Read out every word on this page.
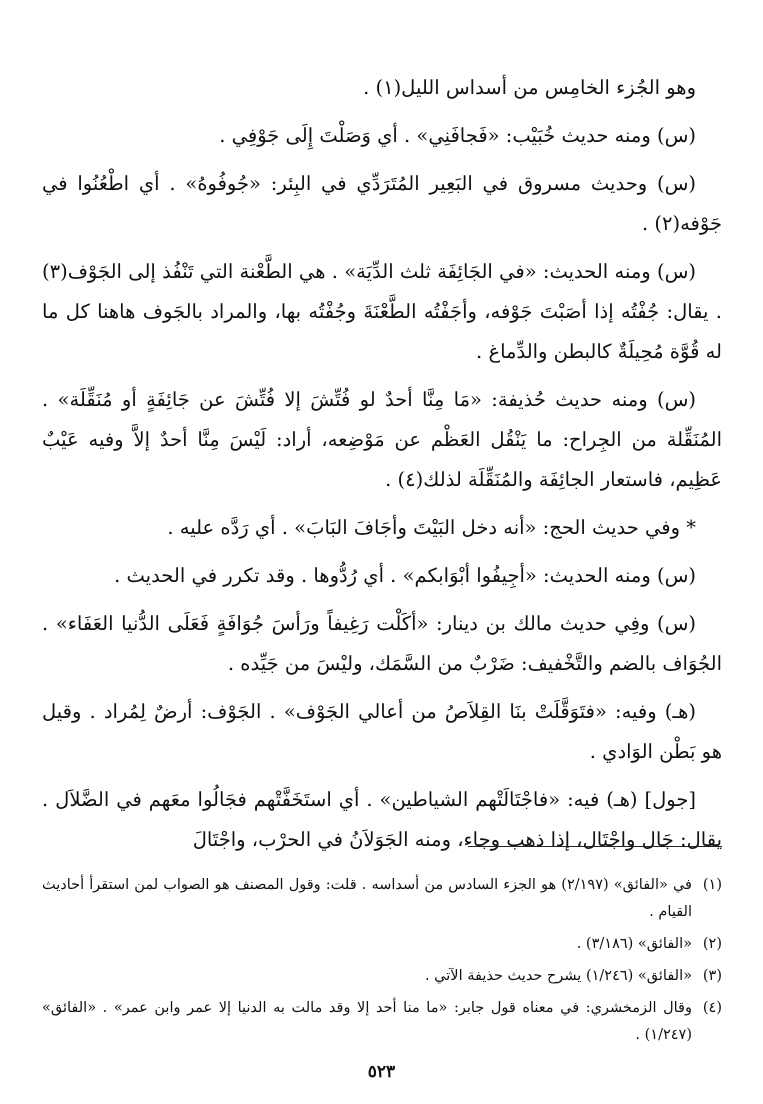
وهو الجُزء الخامِس من أسداس الليل(١) .

(س) ومنه حديث خُبَيْب: «فَجافَنِي» . أي وَصَلْتَ إِلَى جَوْفِي .

(س) وحديث مسروق في البَعِير المُتَرَدِّي في البِئر: «جُوفُوهُ» . أي اطْعُنُوا في جَوْفه(٢) .

(س) ومنه الحديث: «في الجَائِفَة ثلث الدِّيَة» . هي الطَّعْنة التي تَنْفُذ إلى الجَوْف(٣) . يقال: جُفْتُه إذا أصَبْتَ جَوْفه، وأجَفْتُه الطَّعْنَةَ وجُفْتُه بها، والمراد بالجَوف هاهنا كل ما له قُوَّة مُحِيلَةٌ كالبطن والدِّماغ .

(س) ومنه حديث حُذيفة: «مَا مِنَّا أحدٌ لو فُتِّشَ إلا فُتِّشَ عن جَائِفَةٍ أو مُنَقِّلَة» . المُنَقِّلة من الجِراح: ما يَنْقُل العَظْم عن مَوْضِعه، أراد: لَيْسَ مِنَّا أحدٌ إلاَّ وفيه عَيْبٌ عَظِيم، فاستعار الجائِفَة والمُنَقِّلَة لذلك(٤) .

* وفي حديث الحج: «أنه دخل البَيْتَ وأجَافَ البَابَ» . أي رَدَّه عليه .

(س) ومنه الحديث: «أجِيفُوا أبْوَابكم» . أي رُدُّوها . وقد تكرر في الحديث .

(س) وفِي حديث مالك بن دينار: «أكَلْت رَغِيفاً ورَأسَ جُوَافَةٍ فَعَلَى الدُّنيا العَفَاء» . الجُوَاف بالضم والتَّخْفيف: ضَرْبٌ من السَّمَك، وليْسَ من جَيِّده .

(هـ) وفيه: «فتَوَقَّلَتْ بنَا القِلاَصُ من أعالي الجَوْف» . الجَوْف: أرضٌ لِمُراد . وقيل هو بَطْن الوَادي .

[جول] (هـ) فيه: «فاجْتَالَتْهم الشياطين» . أي استَخَفَّتْهم فجَالُوا معَهم في الضَّلاَل . يقال: جَال واجْتَال، إذا ذهب وجاء، ومنه الجَوَلاَنُ في الحرْب، واجْتَالَ

(١)
في «الفائق» (٢/١٩٧) هو الجزء السادس من أسداسه . قلت: وقول المصنف هو الصواب لمن استقرأ أحاديث القيام .
(٢)
«الفائق» (٣/١٨٦) .
(٣)
«الفائق» (١/٢٤٦) يشرح حديث حذيفة الآتي .
(٤)
وقال الزمخشري: في معناه قول جابر: «ما منا أحد إلا وقد مالت به الدنيا إلا عمر وابن عمر» . «الفائق» (١/٢٤٧) .
٥٢٣
